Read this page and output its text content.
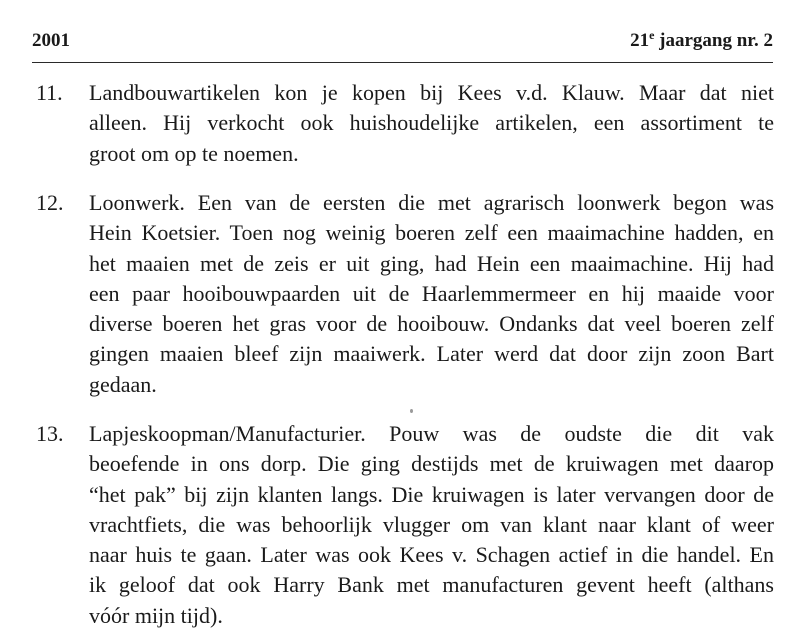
2001	21e jaargang nr. 2
11.	Landbouwartikelen kon je kopen bij Kees v.d. Klauw. Maar dat niet
alleen. Hij verkocht ook huishoudelijke artikelen, een assortiment te
groot om op te noemen.
12.	Loonwerk. Een van de eersten die met agrarisch loonwerk begon was
Hein Koetsier. Toen nog weinig boeren zelf een maaimachine hadden, en
het maaien met de zeis er uit ging, had Hein een maaimachine. Hij had
een paar hooibouwpaarden uit de Haarlemmermeer en hij maaide voor
diverse boeren het gras voor de hooibouw. Ondanks dat veel boeren zelf
gingen maaien bleef zijn maaiwerk. Later werd dat door zijn zoon Bart
gedaan.
13.	Lapjeskoopman/Manufacturier. Pouw was de oudste die dit vak
beoefende in ons dorp. Die ging destijds met de kruiwagen met daarop
“het pak” bij zijn klanten langs. Die kruiwagen is later vervangen door de
vrachtfiets, die was behoorlijk vlugger om van klant naar klant of weer
naar huis te gaan. Later was ook Kees v. Schagen actief in die handel. En
ik geloof dat ook Harry Bank met manufacturen gevent heeft (althans
vóór mijn tijd).
